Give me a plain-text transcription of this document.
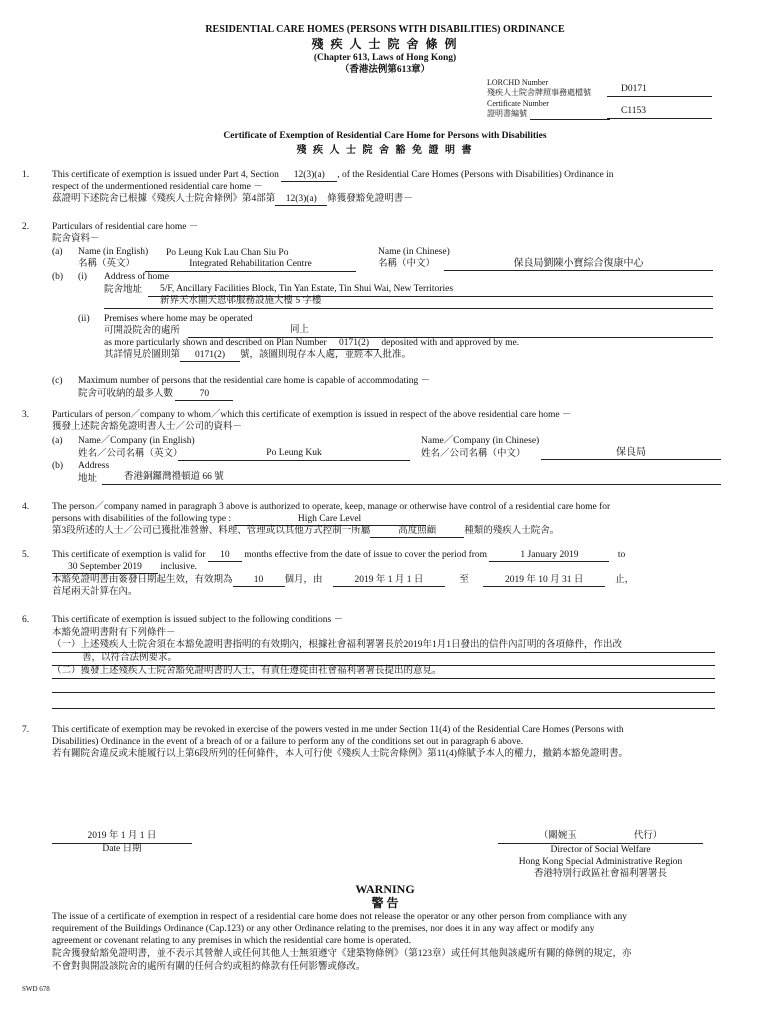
RESIDENTIAL CARE HOMES (PERSONS WITH DISABILITIES) ORDINANCE
殘 疾 人 士 院 舍 條 例
(Chapter 613, Laws of Hong Kong)
（香港法例第613章）
LORCHD Number
殘疾人士院舍牌照事務處檔號	D0171
Certificate Number
證明書編號	C1153
Certificate of Exemption of Residential Care Home for Persons with Disabilities
殘 疾 人 士 院 舍 豁 免 證 明 書
1. This certificate of exemption is issued under Part 4, Section 12(3)(a) , of the Residential Care Homes (Persons with Disabilities) Ordinance in
respect of the undermentioned residential care home －
茲證明下述院舍已根據《殘疾人士院舍條例》第4部第 12(3)(a) 條獲發豁免證明書－
2. Particulars of residential care home －
院舍資料－
(a) Name (in English) Po Leung Kuk Lau Chan Siu Po
名稱（英文）	Integrated Rehabilitation Centre
Name (in Chinese)
名稱（中文）	保良局劉陳小寶綜合復康中心
(b) (i) Address of home
院舍地址	5/F, Ancillary Facilities Block, Tin Yan Estate, Tin Shui Wai, New Territories
新界天水圍天恩邨服務設施大樓 5 字樓
(ii) Premises where home may be operated
可開設院舍的處所	同上
as more particularly shown and described on Plan Number 0171(2) deposited with and approved by me.
其詳情見於圖則第 0171(2) 號，該圖則現存本人處，並經本人批准。
(c) Maximum number of persons that the residential care home is capable of accommodating －
院舍可收納的最多人數	70
3. Particulars of person／company to whom／which this certificate of exemption is issued in respect of the above residential care home －
獲發上述院舍豁免證明書人士／公司的資料－
(a) Name／Company (in English)
姓名／公司名稱（英文）	Po Leung Kuk
Name／Company (in Chinese)
姓名／公司名稱（中文）	保良局
(b) Address
地址	香港銅鑼灣禮頓道 66 號
4. The person／company named in paragraph 3 above is authorized to operate, keep, manage or otherwise have control of a residential care home for
persons with disabilities of the following type :	High Care Level
第3段所述的人士／公司已獲批准營辦、料理、管理或以其他方式控制一所屬	高度照顧	種類的殘疾人士院舍。
5. This certificate of exemption is valid for 10 months effective from the date of issue to cover the period from	1 January 2019	to
30 September 2019 inclusive.
本豁免證明書由簽發日期起生效，有效期為 10 個月，由	2019 年 1 月 1 日	至	2019 年 10 月 31 日	止，
首尾兩天計算在內。
6. This certificate of exemption is issued subject to the following conditions －
本豁免證明書附有下列條件－
（一）上述殘疾人士院舍須在本豁免證明書指明的有效期內，根據社會福利署署長於2019年1月1日發出的信件內訂明的各項條件，作出改
善，以符合法例要求。
（二）獲發上述殘疾人士院舍豁免證明書的人士，有責任遵從由社會福利署署長提出的意見。
7. This certificate of exemption may be revoked in exercise of the powers vested in me under Section 11(4) of the Residential Care Homes (Persons with
Disabilities) Ordinance in the event of a breach of or a failure to perform any of the conditions set out in paragraph 6 above.
若有關院舍違反或未能履行以上第6段所列的任何條件，本人可行使《殘疾人士院舍條例》第11(4)條賦予本人的權力，撤銷本豁免證明書。
2019 年 1 月 1 日
Date 日期
（關婉玉　　　　　　代行）
Director of Social Welfare
Hong Kong Special Administrative Region
香港特別行政區社會福利署署長
WARNING
警 告
The issue of a certificate of exemption in respect of a residential care home does not release the operator or any other person from compliance with any
requirement of the Buildings Ordinance (Cap.123) or any other Ordinance relating to the premises, nor does it in any way affect or modify any
agreement or covenant relating to any premises in which the residential care home is operated.
院舍獲發給豁免證明書，並不表示其營辦人或任何其他人士無須遵守《建築物條例》（第123章）或任何其他與該處所有關的條例的規定，亦
不會對與開設該院舍的處所有關的任何合約或租約條款有任何影響或修改。
SWD 678
